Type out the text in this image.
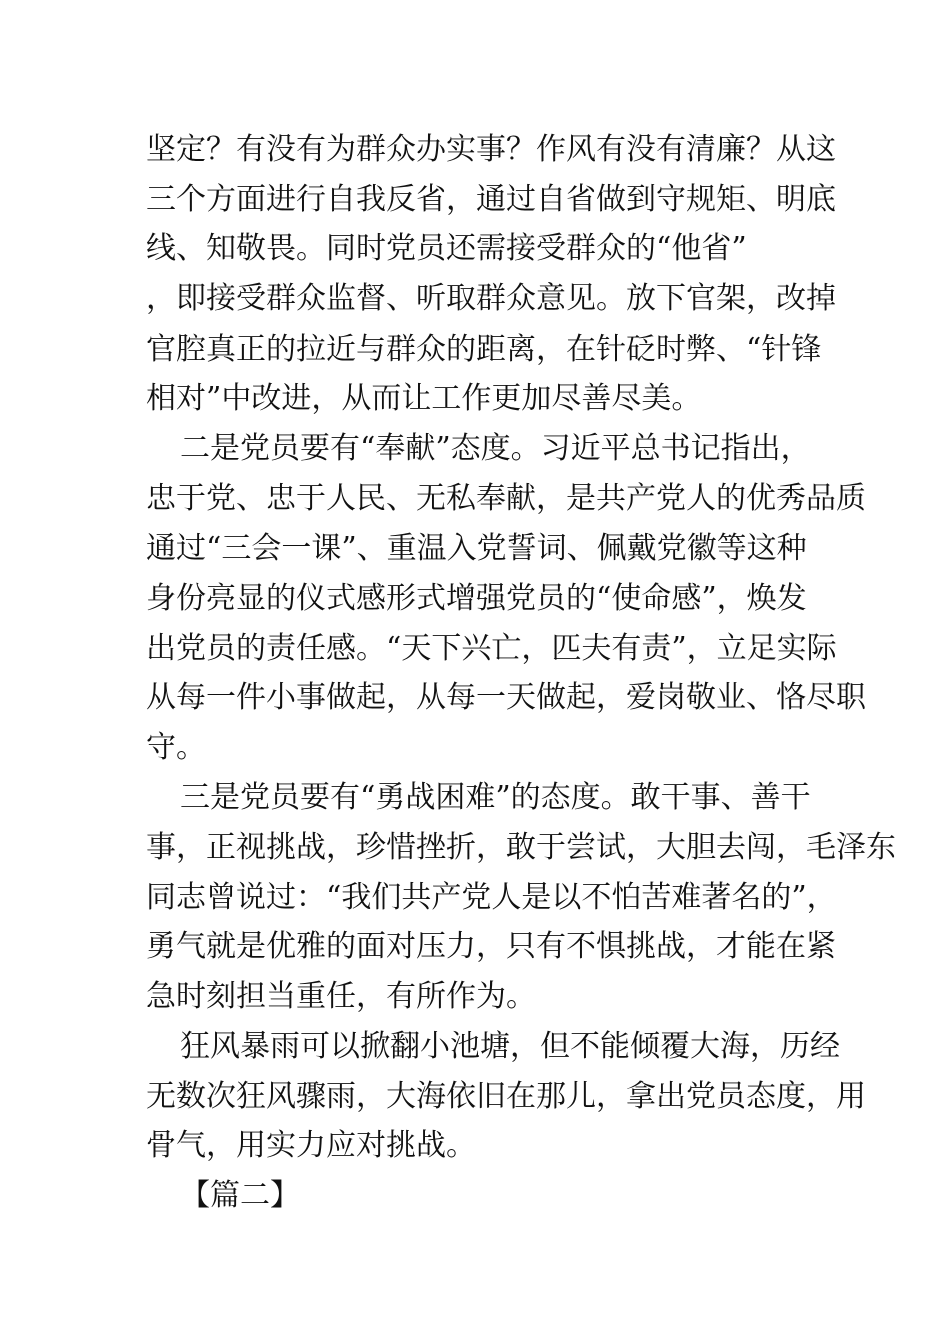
坚定？有没有为群众办实事？作风有没有清廉？从这
三个方面进行自我反省，通过自省做到守规矩、明底
线、知敬畏。同时党员还需接受群众的“他省”
，即接受群众监督、听取群众意见。放下官架，改掉
官腔真正的拉近与群众的距离，在针砭时弊、“针锋
相对”中改进，从而让工作更加尽善尽美。
二是党员要有“奉献”态度。习近平总书记指出，
忠于党、忠于人民、无私奉献，是共产党人的优秀品质
通过“三会一课”、重温入党誓词、佩戴党徽等这种
身份亮显的仪式感形式增强党员的“使命感”，焕发
出党员的责任感。“天下兴亡，匹夫有责”，立足实际
从每一件小事做起，从每一天做起，爱岗敬业、恪尽职
守。
三是党员要有“勇战困难”的态度。敢干事、善干
事，正视挑战，珍惜挫折，敢于尝试，大胆去闯，毛泽东
同志曾说过：“我们共产党人是以不怕苦难著名的”，
勇气就是优雅的面对压力，只有不惧挑战，才能在紧
急时刻担当重任，有所作为。
狂风暴雨可以掀翻小池塘，但不能倾覆大海，历经
无数次狂风骤雨，大海依旧在那儿，拿出党员态度，用
骨气，用实力应对挑战。
【篇二】
